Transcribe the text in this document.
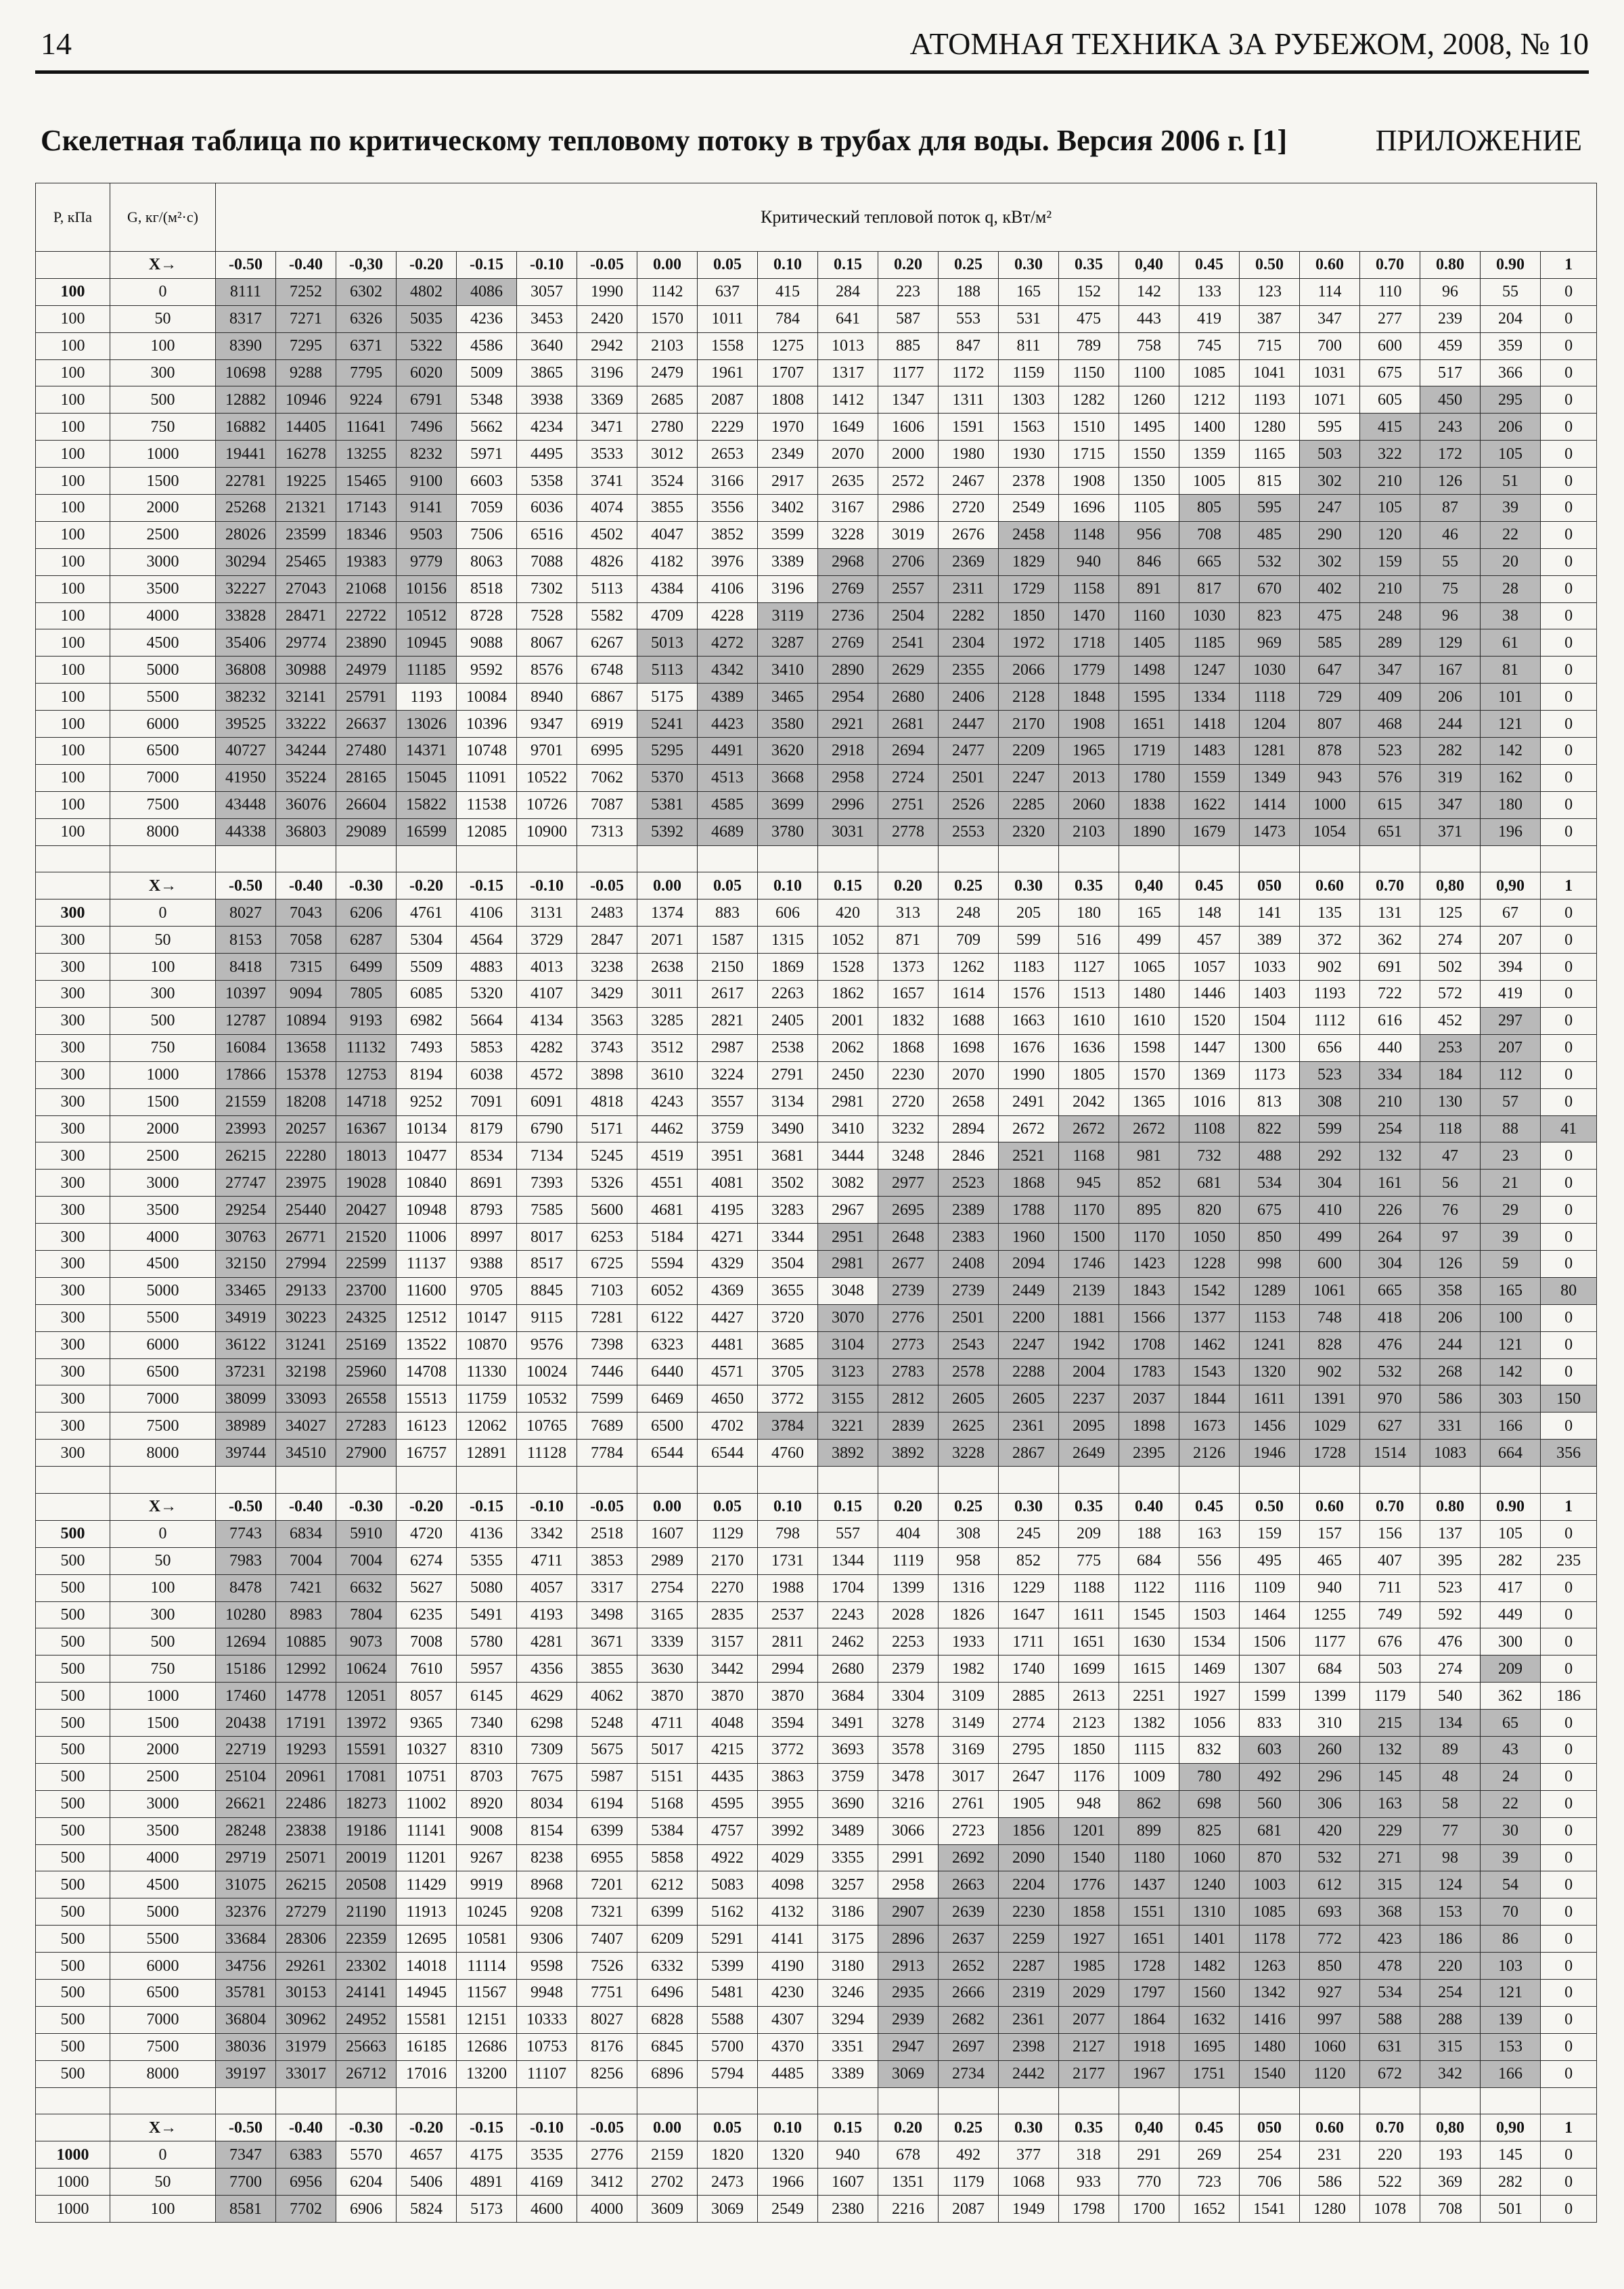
14	АТОМНАЯ ТЕХНИКА ЗА РУБЕЖОМ, 2008, № 10
Скелетная таблица по критическому тепловому потоку в трубах для воды. Версия 2006 г. [1]	ПРИЛОЖЕНИЕ
P, кПа	G, кг/(м²·с)	Критический тепловой поток q, кВт/м²																							
	X→	-0.50	-0.40	-0,30	-0.20	-0.15	-0.10	-0.05	0.00	0.05	0.10	0.15	0.20	0.25	0.30	0.35	0,40	0.45	0.50	0.60	0.70	0.80	0.90	1	
100	0	8111	7252	6302	4802	4086	3057	1990	1142	637	415	284	223	188	165	152	142	133	123	114	110	96	55	0	
100	50	8317	7271	6326	5035	4236	3453	2420	1570	1011	784	641	587	553	531	475	443	419	387	347	277	239	204	0	
100	100	8390	7295	6371	5322	4586	3640	2942	2103	1558	1275	1013	885	847	811	789	758	745	715	700	600	459	359	0	
100	300	10698	9288	7795	6020	5009	3865	3196	2479	1961	1707	1317	1177	1172	1159	1150	1100	1085	1041	1031	675	517	366	0	
100	500	12882	10946	9224	6791	5348	3938	3369	2685	2087	1808	1412	1347	1311	1303	1282	1260	1212	1193	1071	605	450	295	0	
100	750	16882	14405	11641	7496	5662	4234	3471	2780	2229	1970	1649	1606	1591	1563	1510	1495	1400	1280	595	415	243	206	0	
100	1000	19441	16278	13255	8232	5971	4495	3533	3012	2653	2349	2070	2000	1980	1930	1715	1550	1359	1165	503	322	172	105	0	
100	1500	22781	19225	15465	9100	6603	5358	3741	3524	3166	2917	2635	2572	2467	2378	1908	1350	1005	815	302	210	126	51	0	
100	2000	25268	21321	17143	9141	7059	6036	4074	3855	3556	3402	3167	2986	2720	2549	1696	1105	805	595	247	105	87	39	0	
100	2500	28026	23599	18346	9503	7506	6516	4502	4047	3852	3599	3228	3019	2676	2458	1148	956	708	485	290	120	46	22	0	
100	3000	30294	25465	19383	9779	8063	7088	4826	4182	3976	3389	2968	2706	2369	1829	940	846	665	532	302	159	55	20	0	
100	3500	32227	27043	21068	10156	8518	7302	5113	4384	4106	3196	2769	2557	2311	1729	1158	891	817	670	402	210	75	28	0	
100	4000	33828	28471	22722	10512	8728	7528	5582	4709	4228	3119	2736	2504	2282	1850	1470	1160	1030	823	475	248	96	38	0	
100	4500	35406	29774	23890	10945	9088	8067	6267	5013	4272	3287	2769	2541	2304	1972	1718	1405	1185	969	585	289	129	61	0	
100	5000	36808	30988	24979	11185	9592	8576	6748	5113	4342	3410	2890	2629	2355	2066	1779	1498	1247	1030	647	347	167	81	0	
100	5500	38232	32141	25791	1193	10084	8940	6867	5175	4389	3465	2954	2680	2406	2128	1848	1595	1334	1118	729	409	206	101	0	
100	6000	39525	33222	26637	13026	10396	9347	6919	5241	4423	3580	2921	2681	2447	2170	1908	1651	1418	1204	807	468	244	121	0	
100	6500	40727	34244	27480	14371	10748	9701	6995	5295	4491	3620	2918	2694	2477	2209	1965	1719	1483	1281	878	523	282	142	0	
100	7000	41950	35224	28165	15045	11091	10522	7062	5370	4513	3668	2958	2724	2501	2247	2013	1780	1559	1349	943	576	319	162	0	
100	7500	43448	36076	26604	15822	11538	10726	7087	5381	4585	3699	2996	2751	2526	2285	2060	1838	1622	1414	1000	615	347	180	0	
100	8000	44338	36803	29089	16599	12085	10900	7313	5392	4689	3780	3031	2778	2553	2320	2103	1890	1679	1473	1054	651	371	196	0	

	X→	-0.50	-0.40	-0.30	-0.20	-0.15	-0.10	-0.05	0.00	0.05	0.10	0.15	0.20	0.25	0.30	0.35	0,40	0.45	050	0.60	0.70	0,80	0,90	1	
300	0	8027	7043	6206	4761	4106	3131	2483	1374	883	606	420	313	248	205	180	165	148	141	135	131	125	67	0	
300	50	8153	7058	6287	5304	4564	3729	2847	2071	1587	1315	1052	871	709	599	516	499	457	389	372	362	274	207	0	
300	100	8418	7315	6499	5509	4883	4013	3238	2638	2150	1869	1528	1373	1262	1183	1127	1065	1057	1033	902	691	502	394	0	
300	300	10397	9094	7805	6085	5320	4107	3429	3011	2617	2263	1862	1657	1614	1576	1513	1480	1446	1403	1193	722	572	419	0	
300	500	12787	10894	9193	6982	5664	4134	3563	3285	2821	2405	2001	1832	1688	1663	1610	1610	1520	1504	1112	616	452	297	0	
300	750	16084	13658	11132	7493	5853	4282	3743	3512	2987	2538	2062	1868	1698	1676	1636	1598	1447	1300	656	440	253	207	0	
300	1000	17866	15378	12753	8194	6038	4572	3898	3610	3224	2791	2450	2230	2070	1990	1805	1570	1369	1173	523	334	184	112	0	
300	1500	21559	18208	14718	9252	7091	6091	4818	4243	3557	3134	2981	2720	2658	2491	2042	1365	1016	813	308	210	130	57	0	
300	2000	23993	20257	16367	10134	8179	6790	5171	4462	3759	3490	3410	3232	2894	2672	2672	2672	1108	822	599	254	118	88	41	
300	2500	26215	22280	18013	10477	8534	7134	5245	4519	3951	3681	3444	3248	2846	2521	1168	981	732	488	292	132	47	23	0	
300	3000	27747	23975	19028	10840	8691	7393	5326	4551	4081	3502	3082	2977	2523	1868	945	852	681	534	304	161	56	21	0	
300	3500	29254	25440	20427	10948	8793	7585	5600	4681	4195	3283	2967	2695	2389	1788	1170	895	820	675	410	226	76	29	0	
300	4000	30763	26771	21520	11006	8997	8017	6253	5184	4271	3344	2951	2648	2383	1960	1500	1170	1050	850	499	264	97	39	0	
300	4500	32150	27994	22599	11137	9388	8517	6725	5594	4329	3504	2981	2677	2408	2094	1746	1423	1228	998	600	304	126	59	0	
300	5000	33465	29133	23700	11600	9705	8845	7103	6052	4369	3655	3048	2739	2739	2449	2139	1843	1542	1289	1061	665	358	165	80	
300	5500	34919	30223	24325	12512	10147	9115	7281	6122	4427	3720	3070	2776	2501	2200	1881	1566	1377	1153	748	418	206	100	0	
300	6000	36122	31241	25169	13522	10870	9576	7398	6323	4481	3685	3104	2773	2543	2247	1942	1708	1462	1241	828	476	244	121	0	
300	6500	37231	32198	25960	14708	11330	10024	7446	6440	4571	3705	3123	2783	2578	2288	2004	1783	1543	1320	902	532	268	142	0	
300	7000	38099	33093	26558	15513	11759	10532	7599	6469	4650	3772	3155	2812	2605	2605	2237	2037	1844	1611	1391	970	586	303	150	
300	7500	38989	34027	27283	16123	12062	10765	7689	6500	4702	3784	3221	2839	2625	2361	2095	1898	1673	1456	1029	627	331	166	0	
300	8000	39744	34510	27900	16757	12891	11128	7784	6544	6544	4760	3892	3892	3228	2867	2649	2395	2126	1946	1728	1514	1083	664	356		

	X→	-0.50	-0.40	-0.30	-0.20	-0.15	-0.10	-0.05	0.00	0.05	0.10	0.15	0.20	0.25	0.30	0.35	0.40	0.45	0.50	0.60	0.70	0.80	0.90	1	
500	0	7743	6834	5910	4720	4136	3342	2518	1607	1129	798	557	404	308	245	209	188	163	159	157	156	137	105	0	
500	50	7983	7004	7004	6274	5355	4711	3853	2989	2170	1731	1344	1119	958	852	775	684	556	495	465	407	395	282	235	
500	100	8478	7421	6632	5627	5080	4057	3317	2754	2270	1988	1704	1399	1316	1229	1188	1122	1116	1109	940	711	523	417	0	
500	300	10280	8983	7804	6235	5491	4193	3498	3165	2835	2537	2243	2028	1826	1647	1611	1545	1503	1464	1255	749	592	449	0	
500	500	12694	10885	9073	7008	5780	4281	3671	3339	3157	2811	2462	2253	1933	1711	1651	1630	1534	1506	1177	676	476	300	0	
500	750	15186	12992	10624	7610	5957	4356	3855	3630	3442	2994	2680	2379	1982	1740	1699	1615	1469	1307	684	503	274	209	0	
500	1000	17460	14778	12051	8057	6145	4629	4062	3870	3870	3870	3684	3304	3109	2885	2613	2251	1927	1599	1399	1179	540	362	186		
500	1500	20438	17191	13972	9365	7340	6298	5248	4711	4048	3594	3491	3278	3149	2774	2123	1382	1056	833	310	215	134	65	0	
500	2000	22719	19293	15591	10327	8310	7309	5675	5017	4215	3772	3693	3578	3169	2795	1850	1115	832	603	260	132	89	43	0	
500	2500	25104	20961	17081	10751	8703	7675	5987	5151	4435	3863	3759	3478	3017	2647	1176	1009	780	492	296	145	48	24	0	
500	3000	26621	22486	18273	11002	8920	8034	6194	5168	4595	3955	3690	3216	2761	1905	948	862	698	560	306	163	58	22	0	
500	3500	28248	23838	19186	11141	9008	8154	6399	5384	4757	3992	3489	3066	2723	1856	1201	899	825	681	420	229	77	30	0	
500	4000	29719	25071	20019	11201	9267	8238	6955	5858	4922	4029	3355	2991	2692	2090	1540	1180	1060	870	532	271	98	39	0	
500	4500	31075	26215	20508	11429	9919	8968	7201	6212	5083	4098	3257	2958	2663	2204	1776	1437	1240	1003	612	315	124	54	0	
500	5000	32376	27279	21190	11913	10245	9208	7321	6399	5162	4132	3186	2907	2639	2230	1858	1551	1310	1085	693	368	153	70	0	
500	5500	33684	28306	22359	12695	10581	9306	7407	6209	5291	4141	3175	2896	2637	2259	1927	1651	1401	1178	772	423	186	86	0	
500	6000	34756	29261	23302	14018	11114	9598	7526	6332	5399	4190	3180	2913	2652	2287	1985	1728	1482	1263	850	478	220	103	0	
500	6500	35781	30153	24141	14945	11567	9948	7751	6496	5481	4230	3246	2935	2666	2319	2029	1797	1560	1342	927	534	254	121	0	
500	7000	36804	30962	24952	15581	12151	10333	8027	6828	5588	4307	3294	2939	2682	2361	2077	1864	1632	1416	997	588	288	139	0	
500	7500	38036	31979	25663	16185	12686	10753	8176	6845	5700	4370	3351	2947	2697	2398	2127	1918	1695	1480	1060	631	315	153	0	
500	8000	39197	33017	26712	17016	13200	11107	8256	6896	5794	4485	3389	3069	2734	2442	2177	1967	1751	1540	1120	672	342	166	0	

	X→	-0.50	-0.40	-0.30	-0.20	-0.15	-0.10	-0.05	0.00	0.05	0.10	0.15	0.20	0.25	0.30	0.35	0,40	0.45	050	0.60	0.70	0,80	0,90	1	
1000	0	7347	6383	5570	4657	4175	3535	2776	2159	1820	1320	940	678	492	377	318	291	269	254	231	220	193	145	0	
1000	50	7700	6956	6204	5406	4891	4169	3412	2702	2473	1966	1607	1351	1179	1068	933	770	723	706	586	522	369	282	0	
1000	100	8581	7702	6906	5824	5173	4600	4000	3609	3069	2549	2380	2216	2087	1949	1798	1700	1652	1541	1280	1078	708	501	0	
